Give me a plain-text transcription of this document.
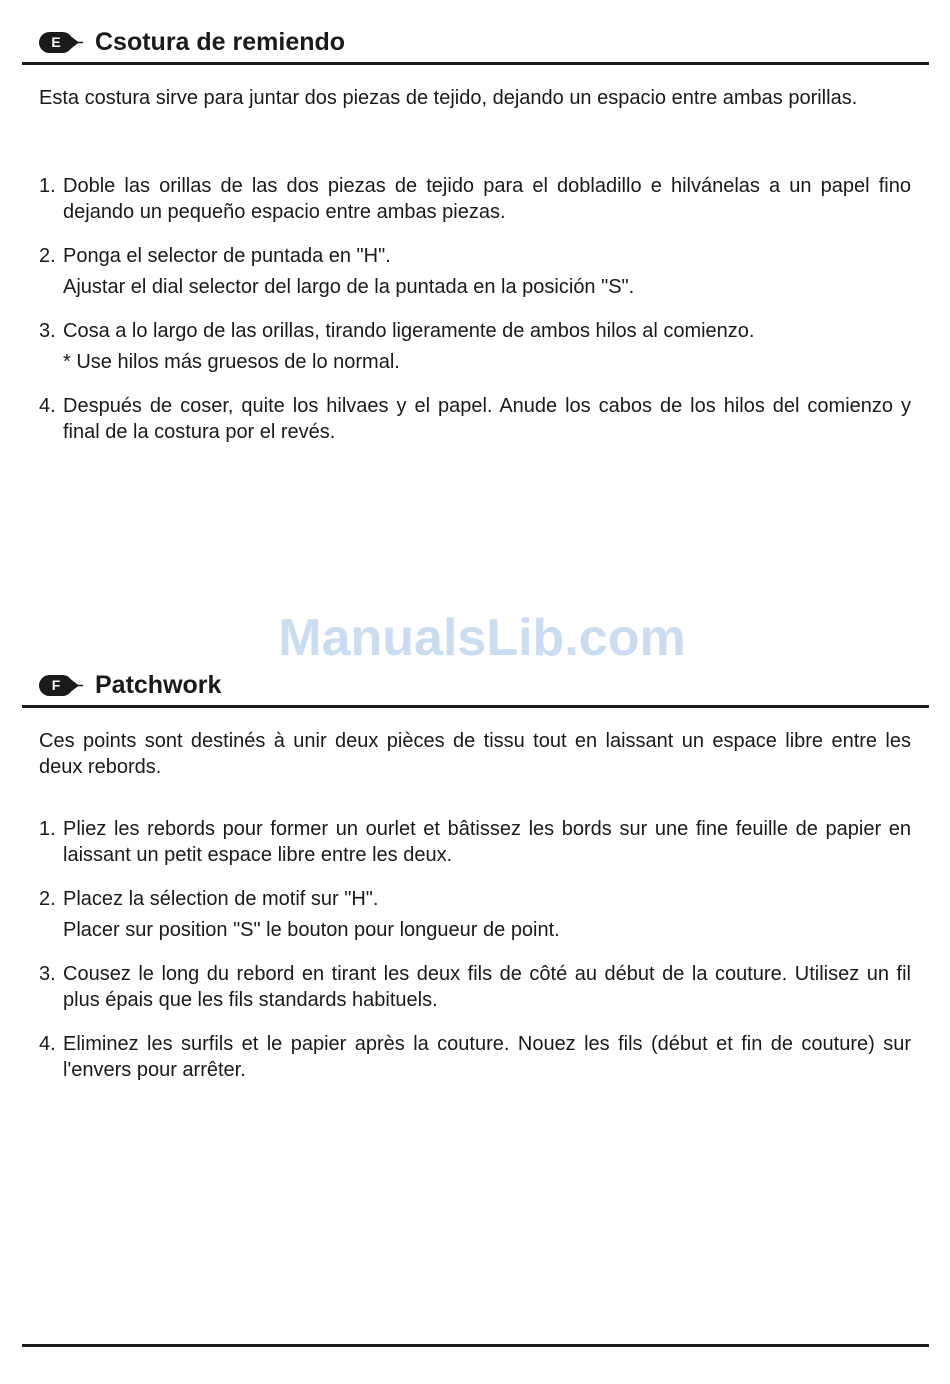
E	Csotura de remiendo

Esta costura sirve para juntar dos piezas de tejido, dejando un espacio entre ambas porillas.

1. Doble las orillas de las dos piezas de tejido para el dobladillo e hilvánelas a un papel fino dejando un pequeño espacio entre ambas piezas.
2. Ponga el selector de puntada en "H".
Ajustar el dial selector del largo de la puntada en la posición "S".
3. Cosa a lo largo de las orillas, tirando ligeramente de ambos hilos al comienzo.
* Use hilos más gruesos de lo normal.
4. Después de coser, quite los hilvaes y el papel. Anude los cabos de los hilos del comienzo y final de la costura por el revés.
ManualsLib.com
F	Patchwork

Ces points sont destinés à unir deux pièces de tissu tout en laissant un espace libre entre les deux rebords.

1. Pliez les rebords pour former un ourlet et bâtissez les bords sur une fine feuille de papier en laissant un petit espace libre entre les deux.
2. Placez la sélection de motif sur "H".
Placer sur position "S" le bouton pour longueur de point.
3. Cousez le long du rebord en tirant les deux fils de côté au début de la couture. Utilisez un fil plus épais que les fils standards habituels.
4. Eliminez les surfils et le papier après la couture. Nouez les fils (début et fin de couture) sur l'envers pour arrêter.
